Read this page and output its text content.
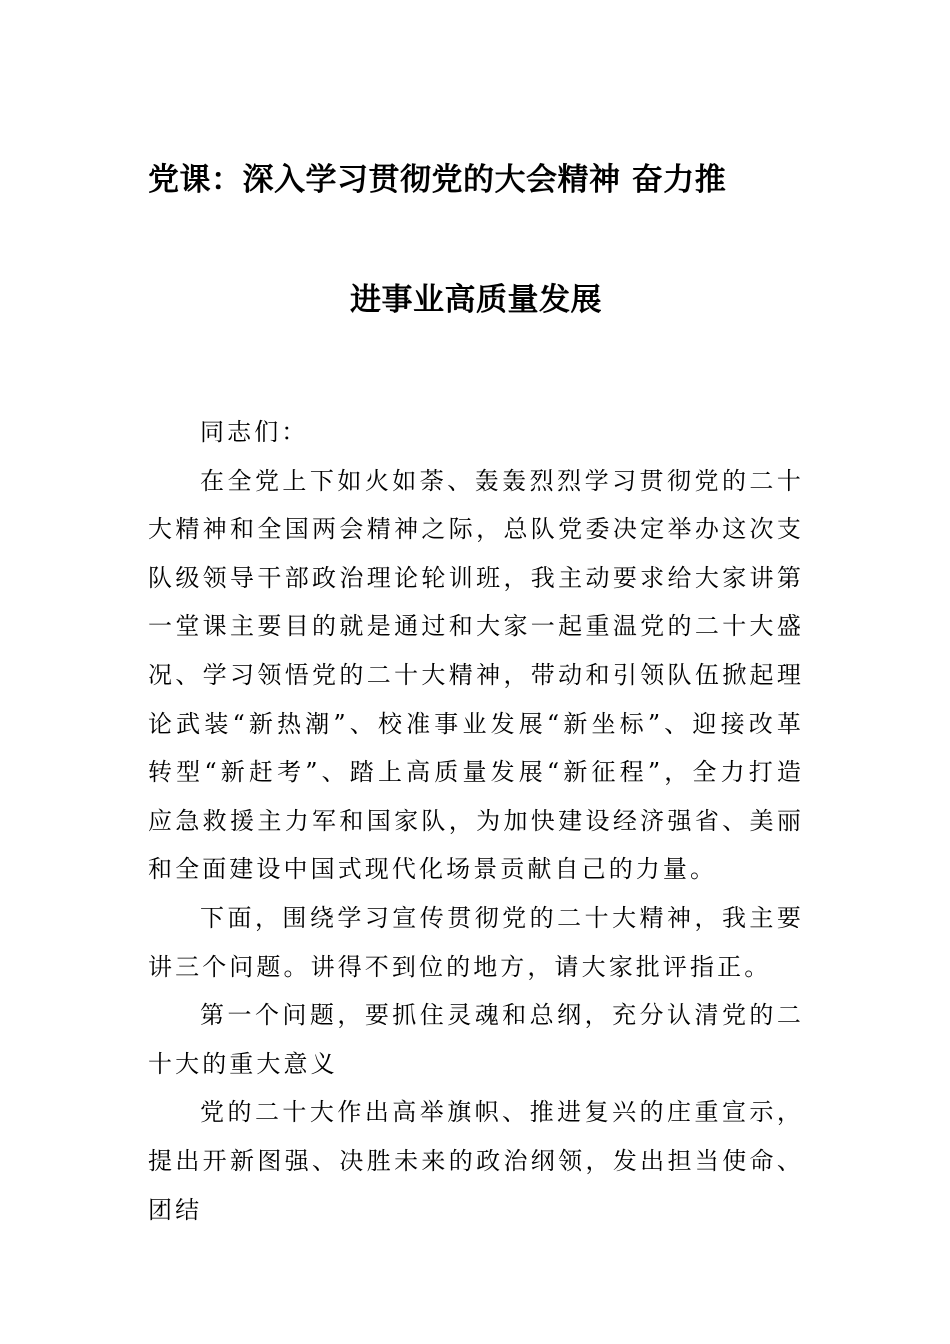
党课：深入学习贯彻党的大会精神 奋力推
进事业高质量发展

同志们：

在全党上下如火如荼、轰轰烈烈学习贯彻党的二十大精神和全国两会精神之际，总队党委决定举办这次支队级领导干部政治理论轮训班，我主动要求给大家讲第一堂课主要目的就是通过和大家一起重温党的二十大盛况、学习领悟党的二十大精神，带动和引领队伍掀起理论武装“新热潮”、校准事业发展“新坐标”、迎接改革转型“新赶考”、踏上高质量发展“新征程”，全力打造应急救援主力军和国家队，为加快建设经济强省、美丽和全面建设中国式现代化场景贡献自己的力量。

下面，围绕学习宣传贯彻党的二十大精神，我主要讲三个问题。讲得不到位的地方，请大家批评指正。

第一个问题，要抓住灵魂和总纲，充分认清党的二十大的重大意义

党的二十大作出高举旗帜、推进复兴的庄重宣示，提出开新图强、决胜未来的政治纲领，发出担当使命、团结
